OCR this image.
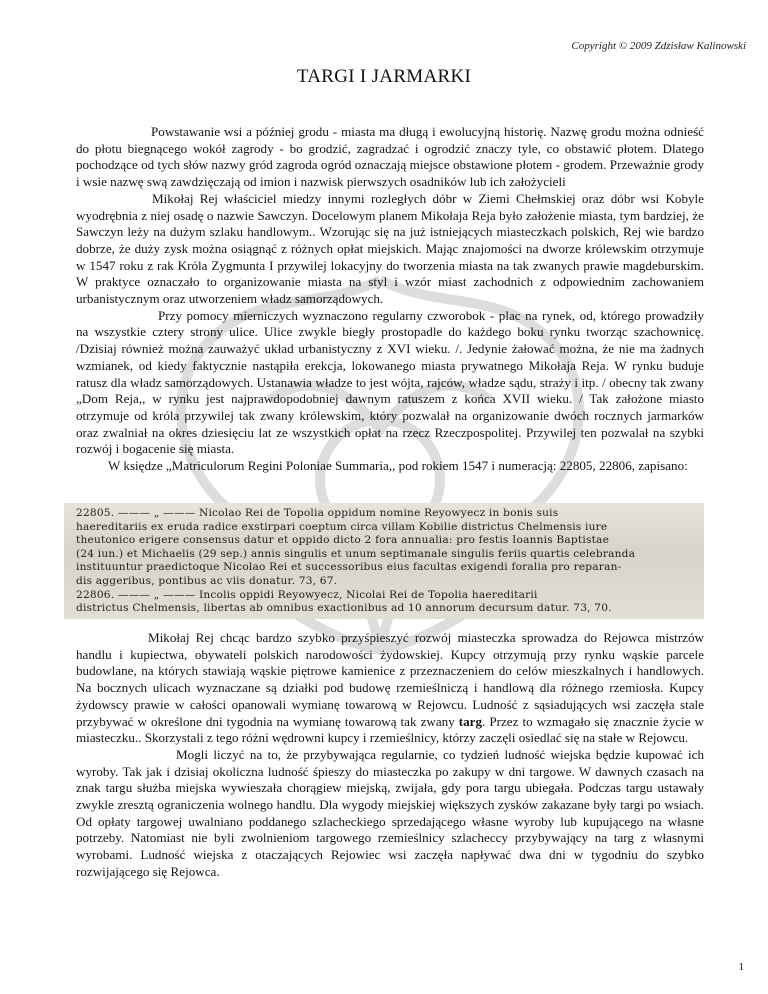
Copyright © 2009 Zdzisław Kalinowski
TARGI I JARMARKI

Powstawanie wsi a później grodu - miasta ma długą i ewolucyjną historię. Nazwę grodu można odnieść do płotu biegnącego wokół zagrody - bo grodzić, zagradzać i ogrodzić znaczy tyle, co obstawić płotem. Dlatego pochodzące od tych słów nazwy gród zagroda ogród oznaczają miejsce obstawione płotem - grodem. Przeważnie grody i wsie nazwę swą zawdzięczają od imion i nazwisk pierwszych osadników lub ich założycieli

Mikołaj Rej właściciel miedzy innymi rozległych dóbr w Ziemi Chełmskiej oraz dóbr wsi Kobyle wyodrębnia z niej osadę o nazwie Sawczyn. Docelowym planem Mikołaja Reja było założenie miasta, tym bardziej, że Sawczyn leży na dużym szlaku handlowym.. Wzorując się na już istniejących miasteczkach polskich, Rej wie bardzo dobrze, że duży zysk można osiągnąć z różnych opłat miejskich. Mając znajomości na dworze królewskim otrzymuje w 1547 roku z rak Króla Zygmunta I przywilej lokacyjny do tworzenia miasta na tak zwanych prawie magdeburskim. W praktyce oznaczało to organizowanie miasta na styl i wzór miast zachodnich z odpowiednim zachowaniem urbanistycznym oraz utworzeniem władz samorządowych.

Przy pomocy mierniczych wyznaczono regularny czworobok - plac na rynek, od, którego prowadziły na wszystkie cztery strony ulice. Ulice zwykle biegły prostopadle do każdego boku rynku tworząc szachownicę. /Dzisiaj również można zauważyć układ urbanistyczny z XVI wieku. /. Jedynie żałować można, że nie ma żadnych wzmianek, od kiedy faktycznie nastąpiła erekcja, lokowanego miasta prywatnego Mikołaja Reja. W rynku buduje ratusz dla władz samorządowych. Ustanawia władze to jest wójta, rajców, władze sądu, straży i itp. / obecny tak zwany „Dom Reja,, w rynku jest najprawdopodobniej dawnym ratuszem z końca XVII wieku. / Tak założone miasto otrzymuje od króla przywilej tak zwany królewskim, który pozwalał na organizowanie dwóch rocznych jarmarków oraz zwalniał na okres dziesięciu lat ze wszystkich opłat na rzecz Rzeczpospolitej. Przywilej ten pozwalał na szybki rozwój i bogacenie się miasta.

W księdze „Matriculorum Regini Poloniae Summaria,, pod rokiem 1547 i numeracją: 22805, 22806, zapisano:

22805. ——— „ ——— Nicolao Rei de Topolia oppidum nomine Reyowyecz in bonis suis
haereditariis ex eruda radice exstirpari coeptum circa villam Kobilie districtus Chelmensis iure
theutonico erigere consensus datur et oppido dicto 2 fora annualia: pro festis Ioannis Baptistae
(24 iun.) et Michaelis (29 sep.) annis singulis et unum septimanale singulis feriis quartis celebranda
instituuntur praedictoque Nicolao Rei et successoribus eius facultas exigendi foralia pro reparan-
dis aggeribus, pontibus ac viis donatur. 73, 67.
22806. ——— „ ——— Incolis oppidi Reyowyecz, Nicolai Rei de Topolia haereditarii
districtus Chelmensis, libertas ab omnibus exactionibus ad 10 annorum decursum datur. 73, 70.

Mikołaj Rej chcąc bardzo szybko przyśpieszyć rozwój miasteczka sprowadza do Rejowca mistrzów handlu i kupiectwa, obywateli polskich narodowości żydowskiej. Kupcy otrzymują przy rynku wąskie parcele budowlane, na których stawiają wąskie piętrowe kamienice z przeznaczeniem do celów mieszkalnych i handlowych. Na bocznych ulicach wyznaczane są działki pod budowę rzemieślniczą i handlową dla różnego rzemiosła. Kupcy żydowscy prawie w całości opanowali wymianę towarową w Rejowcu. Ludność z sąsiadujących wsi zaczęła stale przybywać w określone dni tygodnia na wymianę towarową tak zwany targ. Przez to wzmagało się znacznie życie w miasteczku.. Skorzystali z tego różni wędrowni kupcy i rzemieślnicy, którzy zaczęli osiedlać się na stałe w Rejowcu.

Mogli liczyć na to, że przybywająca regularnie, co tydzień ludność wiejska będzie kupować ich wyroby. Tak jak i dzisiaj okoliczna ludność śpieszy do miasteczka po zakupy w dni targowe. W dawnych czasach na znak targu służba miejska wywieszała chorągiew miejską, zwijała, gdy pora targu ubiegała. Podczas targu ustawały zwykle zresztą ograniczenia wolnego handlu. Dla wygody miejskiej większych zysków zakazane były targi po wsiach. Od opłaty targowej uwalniano poddanego szlacheckiego sprzedającego własne wyroby lub kupującego na własne potrzeby. Natomiast nie byli zwolnieniom targowego rzemieślnicy szlacheccy przybywający na targ z własnymi wyrobami. Ludność wiejska z otaczających Rejowiec wsi zaczęła napływać dwa dni w tygodniu do szybko rozwijającego się Rejowca.

1
